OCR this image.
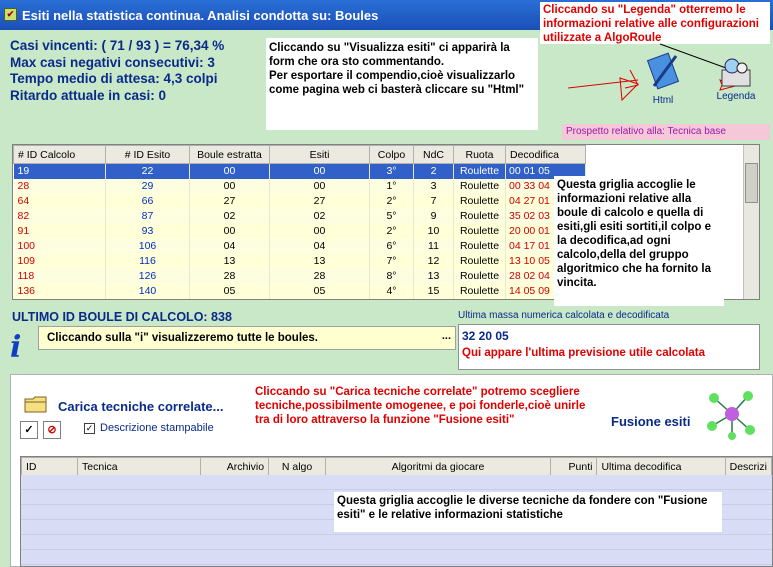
✔ Esiti nella statistica continua. Analisi condotta su: Boules
Casi vincenti: ( 71 / 93 ) = 76,34 %
Max casi negativi consecutivi: 3
Tempo medio di attesa: 4,3 colpi
Ritardo attuale in casi: 0
Cliccando su "Visualizza esiti" ci apparirà la form che ora sto commentando.
Per esportare il compendio,cioè visualizzarlo come pagina web ci basterà cliccare su "Html"
Cliccando su "Legenda" otterremo le informazioni relative alle configurazioni utilizzate a AlgoRoule
Html	Legenda
Prospetto relativo alla: Tecnica base
# ID Calcolo	# ID Esito	Boule estratta	Esiti	Colpo	NdC	Ruota	Decodifica
19	22	00	00	3°	2	Roulette	00 01 05
28	29	00	00	1°	3	Roulette	00 33 04
64	66	27	27	2°	7	Roulette	04 27 01
82	87	02	02	5°	9	Roulette	35 02 03
91	93	00	00	2°	10	Roulette	20 00 01
100	106	04	04	6°	11	Roulette	04 17 01
109	116	13	13	7°	12	Roulette	13 10 05
118	126	28	28	8°	13	Roulette	28 02 04
136	140	05	05	4°	15	Roulette	14 05 09
Questa griglia accoglie le informazioni relative alla boule di calcolo e quella di esiti,gli esiti sortiti,il colpo e la decodifica,ad ogni calcolo,della del gruppo algoritmico che ha fornito la vincita.
ULTIMO ID BOULE DI CALCOLO: 838	Ultima massa numerica calcolata e decodificata
i	Cliccando sulla "i" visualizzeremo tutte le boules.	... 32 20 05
Qui appare l'ultima previsione utile calcolata
Carica tecniche correlate...
✓	⊘	✓ Descrizione stampabile
Cliccando su "Carica tecniche correlate" potremo scegliere tecniche,possibilmente omogenee, e poi fonderle,cioè unirle tra di loro attraverso la funzione "Fusione esiti"	Fusione esiti
ID	Tecnica	Archivio	N algo	Algoritmi da giocare	Punti	Ultima decodifica	Descrizi
Questa griglia accoglie le diverse tecniche da fondere con "Fusione esiti" e le relative informazioni statistiche
